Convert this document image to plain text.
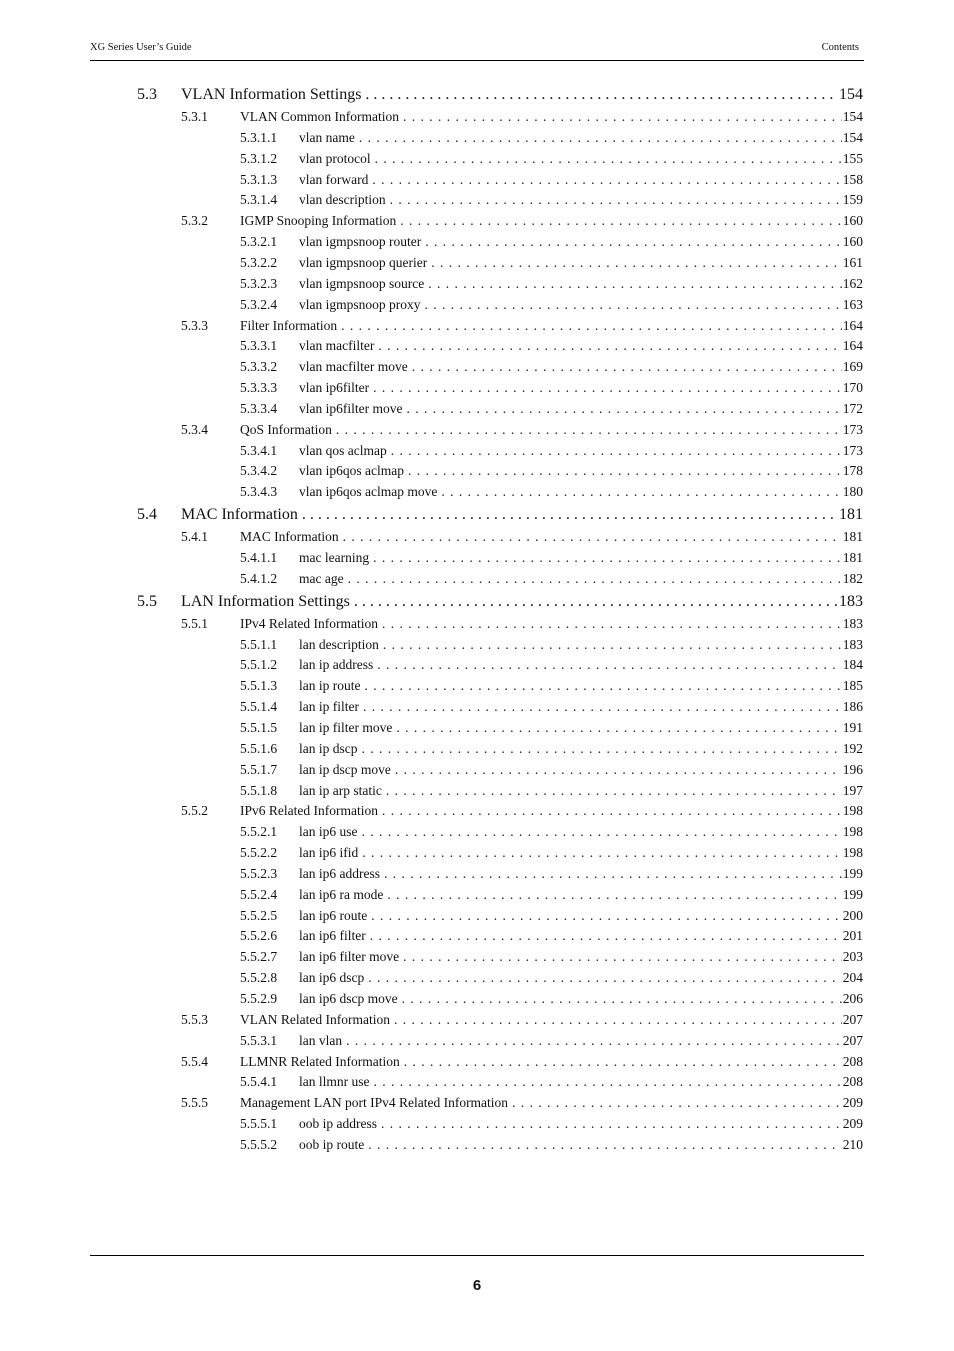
XG Series User’s Guide	Contents
5.3 VLAN Information Settings . . .	154
5.3.1 VLAN Common Information . . .	154
5.3.1.1 vlan name . . .	154
5.3.1.2 vlan protocol . . .	155
5.3.1.3 vlan forward . . .	158
5.3.1.4 vlan description . . .	159
5.3.2 IGMP Snooping Information . . .	160
5.3.2.1 vlan igmpsnoop router . . .	160
5.3.2.2 vlan igmpsnoop querier . . .	161
5.3.2.3 vlan igmpsnoop source . . .	162
5.3.2.4 vlan igmpsnoop proxy . . .	163
5.3.3 Filter Information . . .	164
5.3.3.1 vlan macfilter . . .	164
5.3.3.2 vlan macfilter move . . .	169
5.3.3.3 vlan ip6filter . . .	170
5.3.3.4 vlan ip6filter move . . .	172
5.3.4 QoS Information . . .	173
5.3.4.1 vlan qos aclmap . . .	173
5.3.4.2 vlan ip6qos aclmap . . .	178
5.3.4.3 vlan ip6qos aclmap move . . .	180
5.4 MAC Information . . .	181
5.4.1 MAC Information . . .	181
5.4.1.1 mac learning . . .	181
5.4.1.2 mac age . . .	182
5.5 LAN Information Settings . . .	183
5.5.1 IPv4 Related Information . . .	183
5.5.1.1 lan description . . .	183
5.5.1.2 lan ip address . . .	184
5.5.1.3 lan ip route . . .	185
5.5.1.4 lan ip filter . . .	186
5.5.1.5 lan ip filter move . . .	191
5.5.1.6 lan ip dscp . . .	192
5.5.1.7 lan ip dscp move . . .	196
5.5.1.8 lan ip arp static . . .	197
5.5.2 IPv6 Related Information . . .	198
5.5.2.1 lan ip6 use . . .	198
5.5.2.2 lan ip6 ifid . . .	198
5.5.2.3 lan ip6 address . . .	199
5.5.2.4 lan ip6 ra mode . . .	199
5.5.2.5 lan ip6 route . . .	200
5.5.2.6 lan ip6 filter . . .	201
5.5.2.7 lan ip6 filter move . . .	203
5.5.2.8 lan ip6 dscp . . .	204
5.5.2.9 lan ip6 dscp move . . .	206
5.5.3 VLAN Related Information . . .	207
5.5.3.1 lan vlan . . .	207
5.5.4 LLMNR Related Information . . .	208
5.5.4.1 lan llmnr use . . .	208
5.5.5 Management LAN port IPv4 Related Information . . .	209
5.5.5.1 oob ip address . . .	209
5.5.5.2 oob ip route . . .	210
6
